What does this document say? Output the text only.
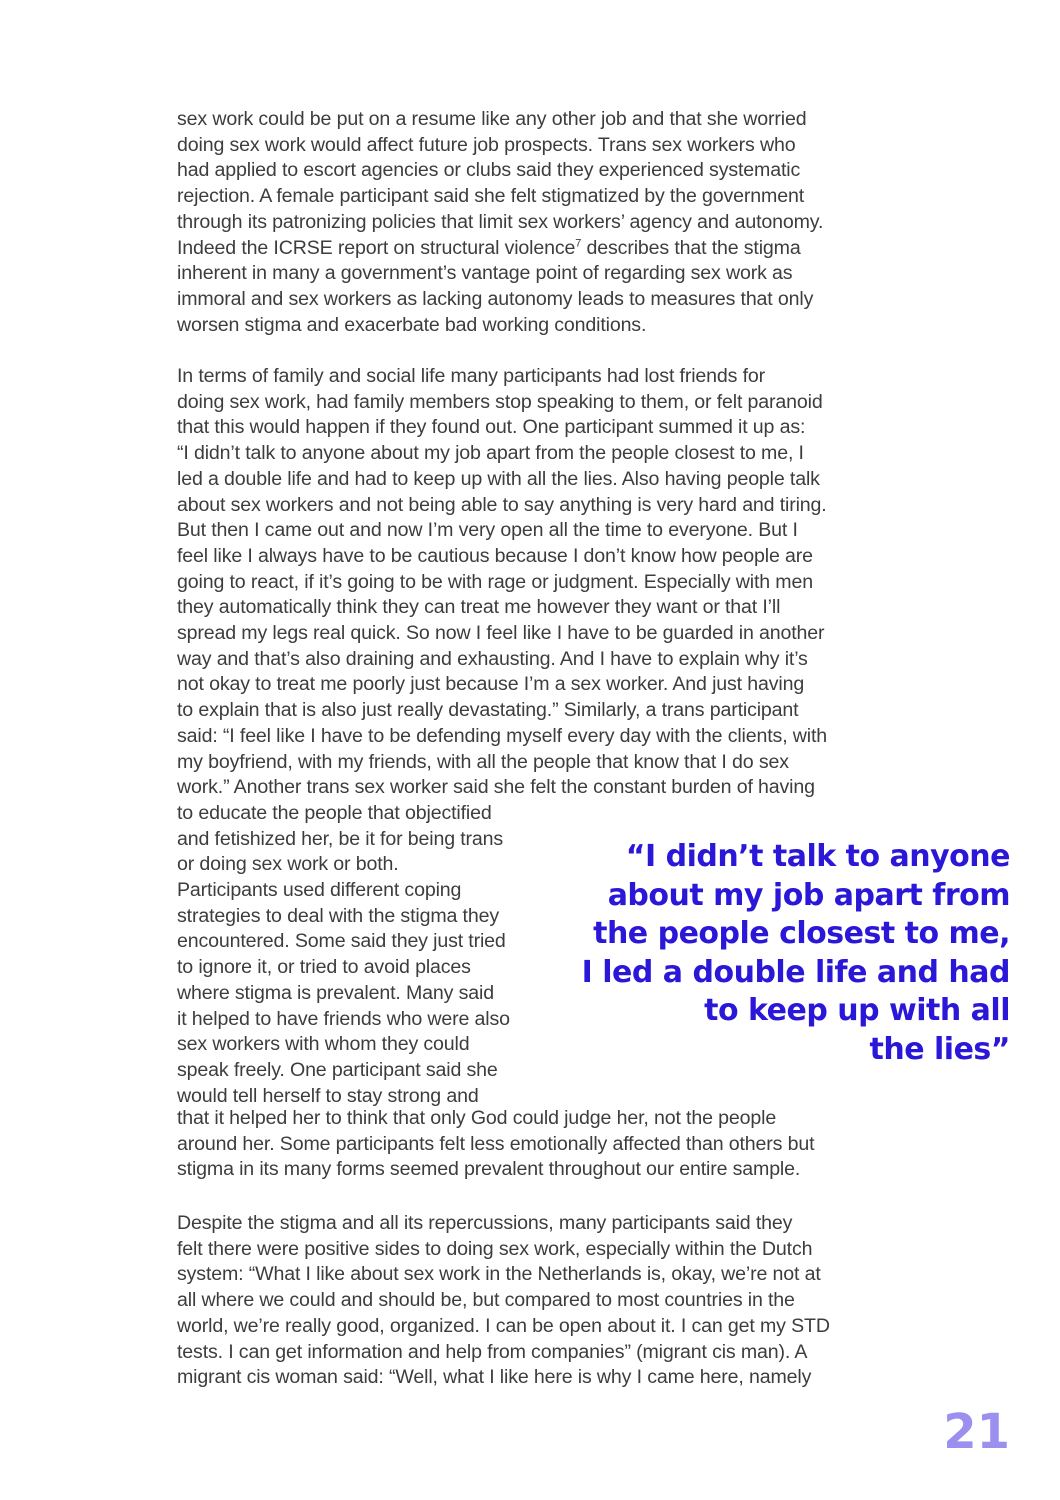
sex work could be put on a resume like any other job and that she worried

doing sex work would affect future job prospects. Trans sex workers who

had applied to escort agencies or clubs said they experienced systematic

rejection. A female participant said she felt stigmatized by the government

through its patronizing policies that limit sex workers’ agency and autonomy.

Indeed the ICRSE report on structural violence$^7$ describes that the stigma

inherent in many a government’s vantage point of regarding sex work as

immoral and sex workers as lacking autonomy leads to measures that only

worsen stigma and exacerbate bad working conditions.

In terms of family and social life many participants had lost friends for

doing sex work, had family members stop speaking to them, or felt paranoid

that this would happen if they found out. One participant summed it up as:

“I didn’t talk to anyone about my job apart from the people closest to me, I

led a double life and had to keep up with all the lies. Also having people talk

about sex workers and not being able to say anything is very hard and tiring.

But then I came out and now I’m very open all the time to everyone. But I

feel like I always have to be cautious because I don’t know how people are

going to react, if it’s going to be with rage or judgment. Especially with men

they automatically think they can treat me however they want or that I’ll

spread my legs real quick. So now I feel like I have to be guarded in another

way and that’s also draining and exhausting. And I have to explain why it’s

not okay to treat me poorly just because I’m a sex worker. And just having

to explain that is also just really devastating.” Similarly, a trans participant

said: “I feel like I have to be defending myself every day with the clients, with

my boyfriend, with my friends, with all the people that know that I do sex

work.” Another trans sex worker said she felt the constant burden of having

to educate the people that objectified

and fetishized her, be it for being trans

or doing sex work or both.

Participants used different coping

strategies to deal with the stigma they

encountered. Some said they just tried

to ignore it, or tried to avoid places

where stigma is prevalent. Many said

it helped to have friends who were also

sex workers with whom they could

speak freely. One participant said she

would tell herself to stay strong and

that it helped her to think that only God could judge her, not the people

around her. Some participants felt less emotionally affected than others but

stigma in its many forms seemed prevalent throughout our entire sample.

“I didn’t talk to anyone
about my job apart from
the people closest to me,
I led a double life and had
to keep up with all
the lies”

Despite the stigma and all its repercussions, many participants said they

felt there were positive sides to doing sex work, especially within the Dutch

system: “What I like about sex work in the Netherlands is, okay, we’re not at

all where we could and should be, but compared to most countries in the

world, we’re really good, organized. I can be open about it. I can get my STD

tests. I can get information and help from companies” (migrant cis man). A

migrant cis woman said: “Well, what I like here is why I came here, namely

21
